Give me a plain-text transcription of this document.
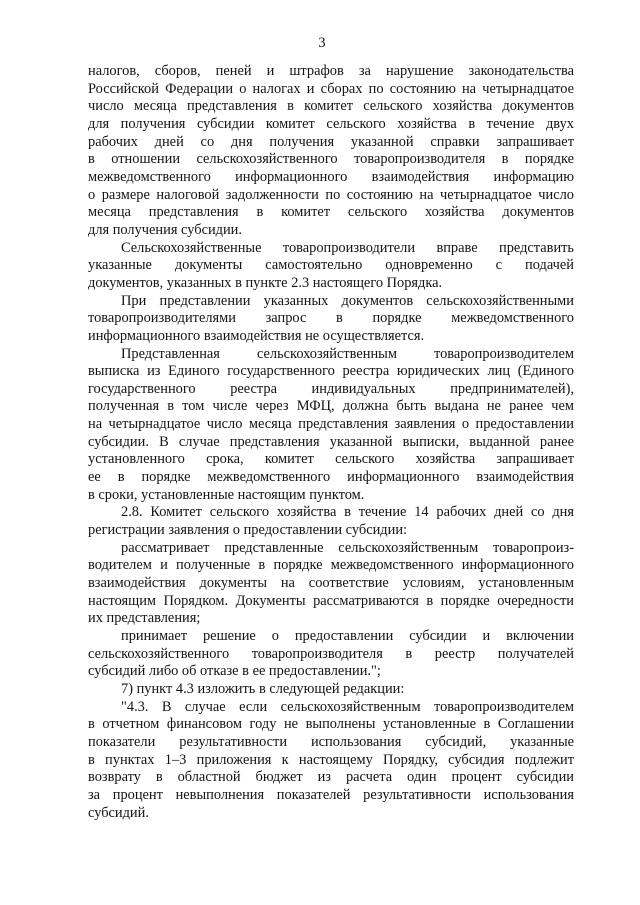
3
налогов, сборов, пеней и штрафов за нарушение законодательства
Российской Федерации о налогах и сборах по состоянию на четырнадцатое
число месяца представления в комитет сельского хозяйства документов
для получения субсидии комитет сельского хозяйства в течение двух
рабочих дней со дня получения указанной справки запрашивает
в отношении сельскохозяйственного товаропроизводителя в порядке
межведомственного информационного взаимодействия информацию
о размере налоговой задолженности по состоянию на четырнадцатое число
месяца представления в комитет сельского хозяйства документов
для получения субсидии.
Сельскохозяйственные товаропроизводители вправе представить
указанные документы самостоятельно одновременно с подачей
документов, указанных в пункте 2.3 настоящего Порядка.
При представлении указанных документов сельскохозяйственными
товаропроизводителями запрос в порядке межведомственного
информационного взаимодействия не осуществляется.
Представленная сельскохозяйственным товаропроизводителем
выписка из Единого государственного реестра юридических лиц (Единого
государственного реестра индивидуальных предпринимателей),
полученная в том числе через МФЦ, должна быть выдана не ранее чем
на четырнадцатое число месяца представления заявления о предоставлении
субсидии. В случае представления указанной выписки, выданной ранее
установленного срока, комитет сельского хозяйства запрашивает
ее в порядке межведомственного информационного взаимодействия
в сроки, установленные настоящим пунктом.
2.8. Комитет сельского хозяйства в течение 14 рабочих дней со дня
регистрации заявления о предоставлении субсидии:
рассматривает представленные сельскохозяйственным товаропроиз-
водителем и полученные в порядке межведомственного информационного
взаимодействия документы на соответствие условиям, установленным
настоящим Порядком. Документы рассматриваются в порядке очередности
их представления;
принимает решение о предоставлении субсидии и включении
сельскохозяйственного товаропроизводителя в реестр получателей
субсидий либо об отказе в ее предоставлении.";
7) пункт 4.3 изложить в следующей редакции:
"4.3. В случае если сельскохозяйственным товаропроизводителем
в отчетном финансовом году не выполнены установленные в Соглашении
показатели результативности использования субсидий, указанные
в пунктах 1–3 приложения к настоящему Порядку, субсидия подлежит
возврату в областной бюджет из расчета один процент субсидии
за процент невыполнения показателей результативности использования
субсидий.
